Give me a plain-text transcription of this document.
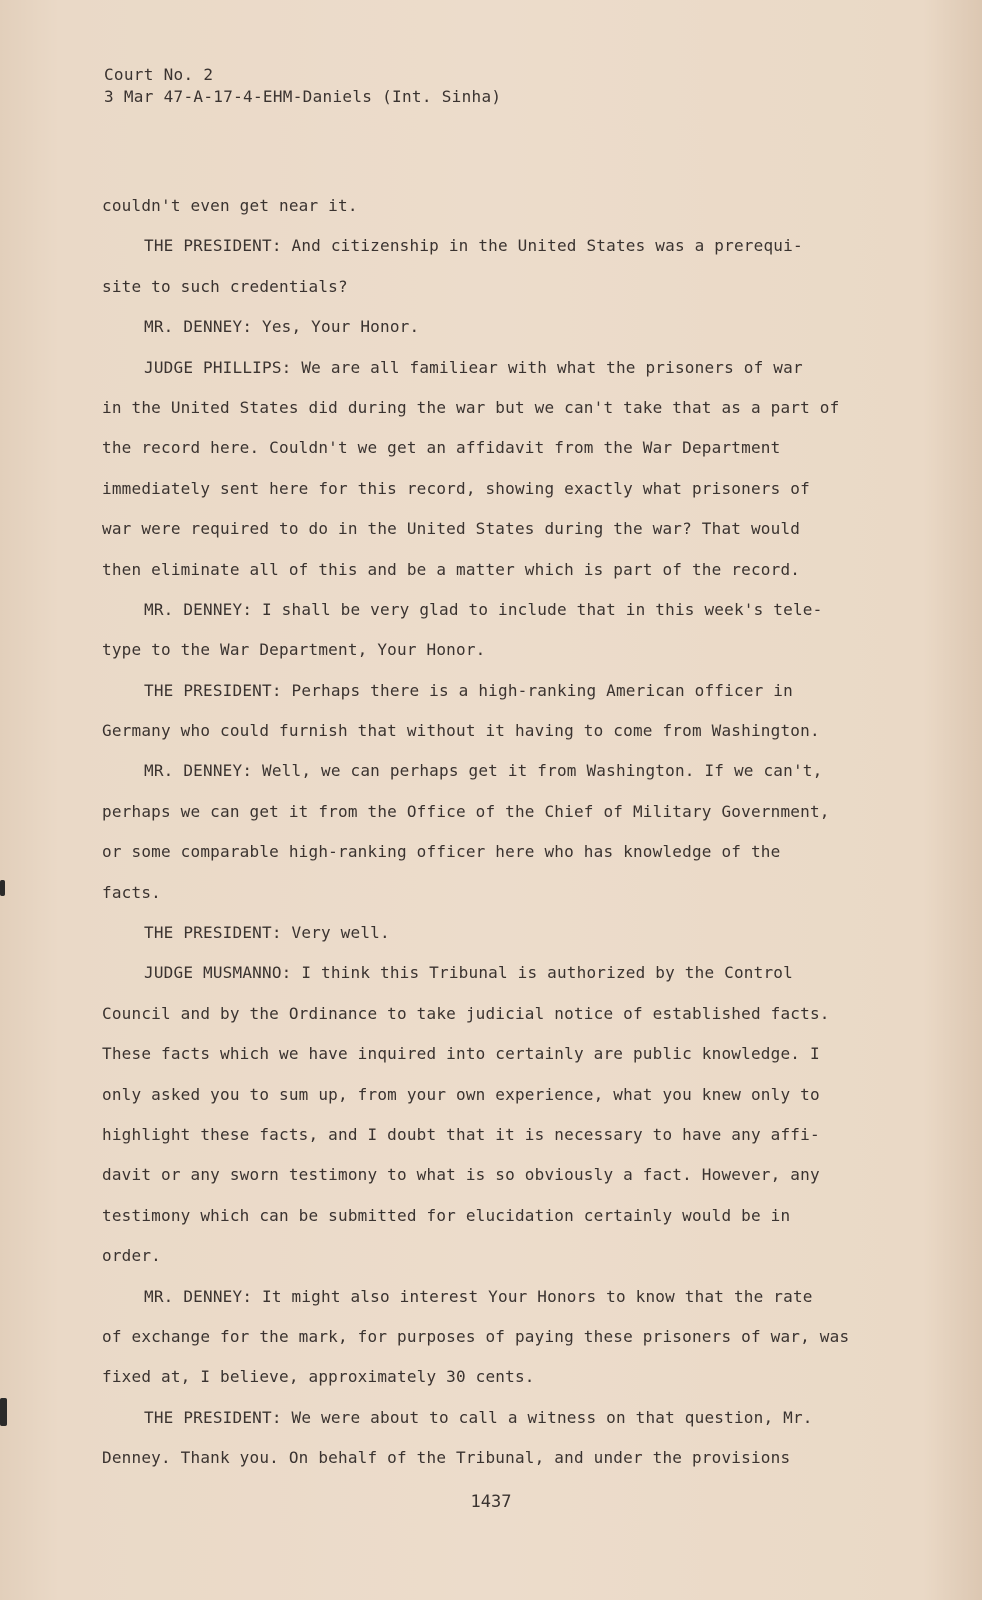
Court No. 2
3 Mar 47-A-17-4-EHM-Daniels (Int. Sinha)
couldn't even get near it.
THE PRESIDENT: And citizenship in the United States was a prerequi-
site to such credentials?
MR. DENNEY: Yes, Your Honor.
JUDGE PHILLIPS: We are all familiear with what the prisoners of war
in the United States did during the war but we can't take that as a part of
the record here. Couldn't we get an affidavit from the War Department
immediately sent here for this record, showing exactly what prisoners of
war were required to do in the United States during the war? That would
then eliminate all of this and be a matter which is part of the record.
MR. DENNEY: I shall be very glad to include that in this week's tele-
type to the War Department, Your Honor.
THE PRESIDENT: Perhaps there is a high-ranking American officer in
Germany who could furnish that without it having to come from Washington.
MR. DENNEY: Well, we can perhaps get it from Washington. If we can't,
perhaps we can get it from the Office of the Chief of Military Government,
or some comparable high-ranking officer here who has knowledge of the
facts.
THE PRESIDENT: Very well.
JUDGE MUSMANNO: I think this Tribunal is authorized by the Control
Council and by the Ordinance to take judicial notice of established facts.
These facts which we have inquired into certainly are public knowledge. I
only asked you to sum up, from your own experience, what you knew only to
highlight these facts, and I doubt that it is necessary to have any affi-
davit or any sworn testimony to what is so obviously a fact. However, any
testimony which can be submitted for elucidation certainly would be in
order.
MR. DENNEY: It might also interest Your Honors to know that the rate
of exchange for the mark, for purposes of paying these prisoners of war, was
fixed at, I believe, approximately 30 cents.
THE PRESIDENT: We were about to call a witness on that question, Mr.
Denney. Thank you. On behalf of the Tribunal, and under the provisions
1437
